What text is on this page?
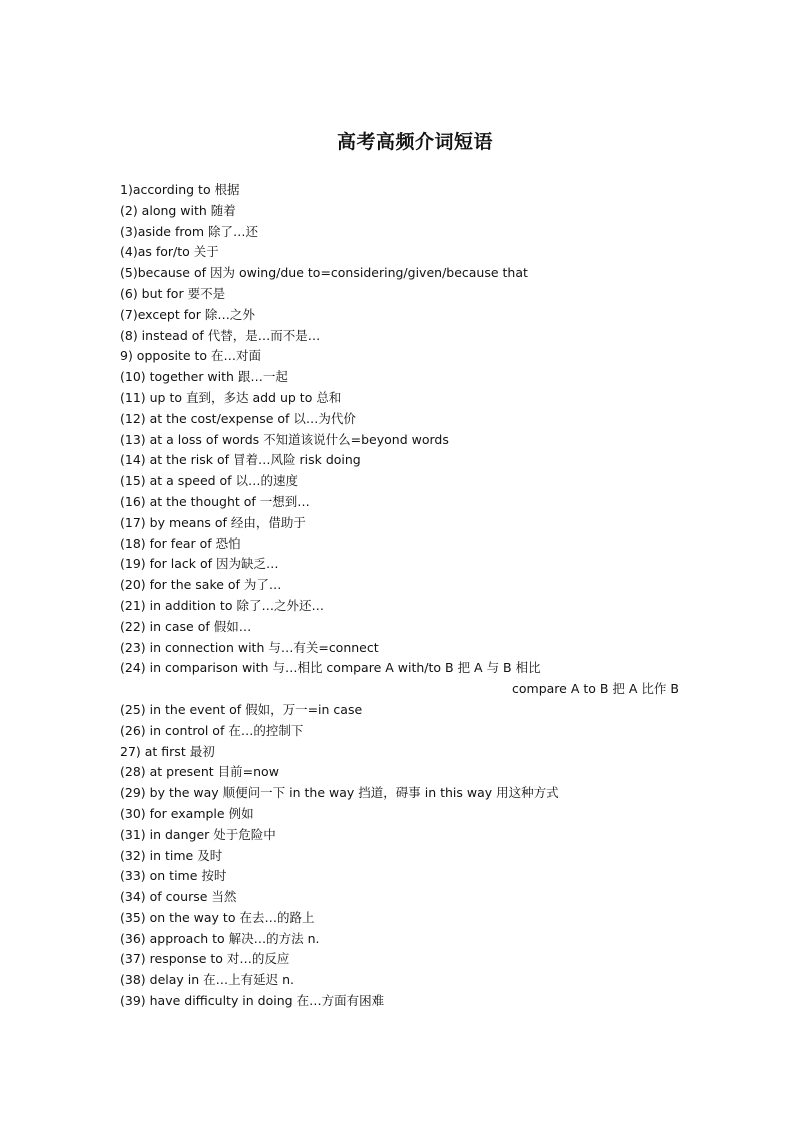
高考高频介词短语
1)according to 根据
(2) along with 随着
(3)aside from 除了…还
(4)as for/to 关于
(5)because of 因为 owing/due to=considering/given/because that
(6) but for 要不是
(7)except for 除…之外
(8) instead of 代替，是…而不是…
9) opposite to 在…对面
(10) together with 跟…一起
(11) up to 直到，多达 add up to 总和
(12) at the cost/expense of 以…为代价
(13) at a loss of words 不知道该说什么=beyond words
(14) at the risk of 冒着…风险 risk doing
(15) at a speed of 以…的速度
(16) at the thought of 一想到…
(17) by means of 经由，借助于
(18) for fear of 恐怕
(19) for lack of 因为缺乏…
(20) for the sake of 为了…
(21) in addition to 除了…之外还…
(22) in case of 假如…
(23) in connection with 与…有关=connect
(24) in comparison with 与…相比 compare A with/to B 把 A 与 B 相比
compare A to B 把 A 比作 B
(25) in the event of 假如，万一=in case
(26) in control of 在…的控制下
27) at first 最初
(28) at present 目前=now
(29) by the way 顺便问一下 in the way 挡道，碍事 in this way 用这种方式
(30) for example 例如
(31) in danger 处于危险中
(32) in time 及时
(33) on time 按时
(34) of course 当然
(35) on the way to 在去…的路上
(36) approach to 解决…的方法 n.
(37) response to 对…的反应
(38) delay in 在…上有延迟 n.
(39) have difficulty in doing 在…方面有困难
